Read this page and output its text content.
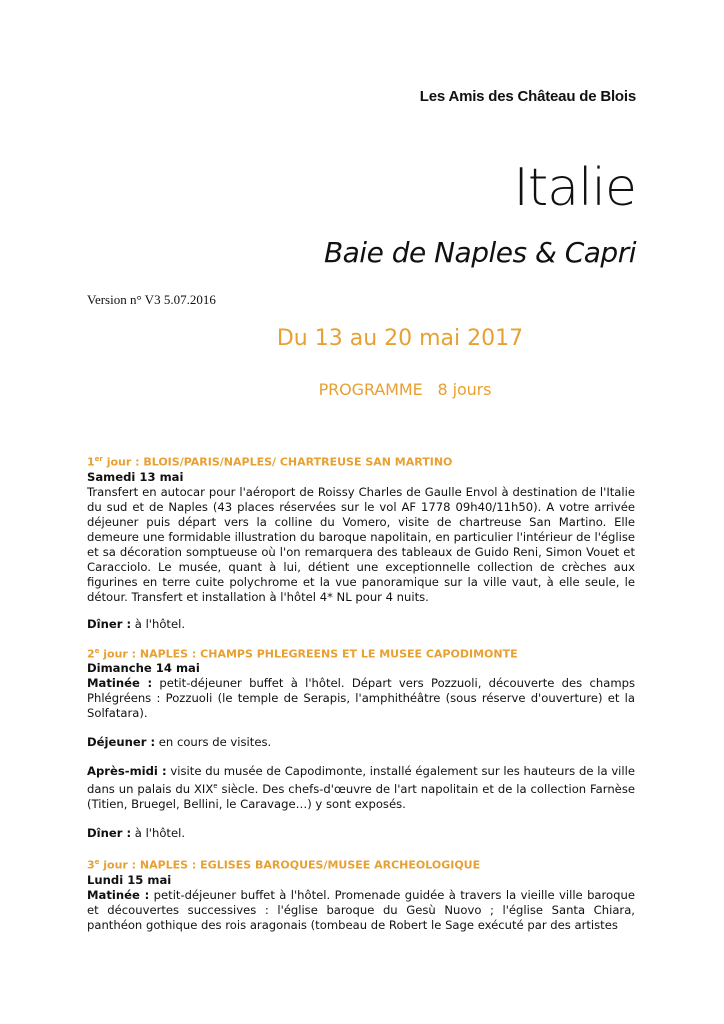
Les Amis des Château de Blois
Italie
Baie de Naples & Capri
Version n° V3 5.07.2016
Du 13 au 20 mai 2017
PROGRAMME   8 jours
1er jour : BLOIS/PARIS/NAPLES/ CHARTREUSE SAN MARTINO
Samedi 13 mai
Transfert en autocar pour l'aéroport de Roissy Charles de Gaulle Envol à destination de l'Italie du sud et de Naples (43 places réservées sur le vol AF 1778 09h40/11h50). A votre arrivée déjeuner puis départ vers la colline du Vomero, visite de chartreuse San Martino. Elle demeure une formidable illustration du baroque napolitain, en particulier l'intérieur de l'église et sa décoration somptueuse où l'on remarquera des tableaux de Guido Reni, Simon Vouet et Caracciolo. Le musée, quant à lui, détient une exceptionnelle collection de crèches aux figurines en terre cuite polychrome et la vue panoramique sur la ville vaut, à elle seule, le détour. Transfert et installation à l'hôtel 4* NL pour 4 nuits.
Dîner : à l'hôtel.
2e jour : NAPLES : CHAMPS PHLEGREENS ET LE MUSEE CAPODIMONTE
Dimanche 14 mai
Matinée : petit-déjeuner buffet à l'hôtel. Départ vers Pozzuoli, découverte des champs Phlégréens : Pozzuoli (le temple de Serapis, l'amphithéâtre (sous réserve d'ouverture) et la Solfatara).
Déjeuner : en cours de visites.
Après-midi : visite du musée de Capodimonte, installé également sur les hauteurs de la ville dans un palais du XIXe siècle. Des chefs-d'œuvre de l'art napolitain et de la collection Farnèse (Titien, Bruegel, Bellini, le Caravage…) y sont exposés.
Dîner : à l'hôtel.
3e jour : NAPLES : EGLISES BAROQUES/MUSEE ARCHEOLOGIQUE
Lundi 15 mai
Matinée : petit-déjeuner buffet à l'hôtel. Promenade guidée à travers la vieille ville baroque et découvertes successives : l'église baroque du Gesù Nuovo ; l'église Santa Chiara, panthéon gothique des rois aragonais (tombeau de Robert le Sage exécuté par des artistes
